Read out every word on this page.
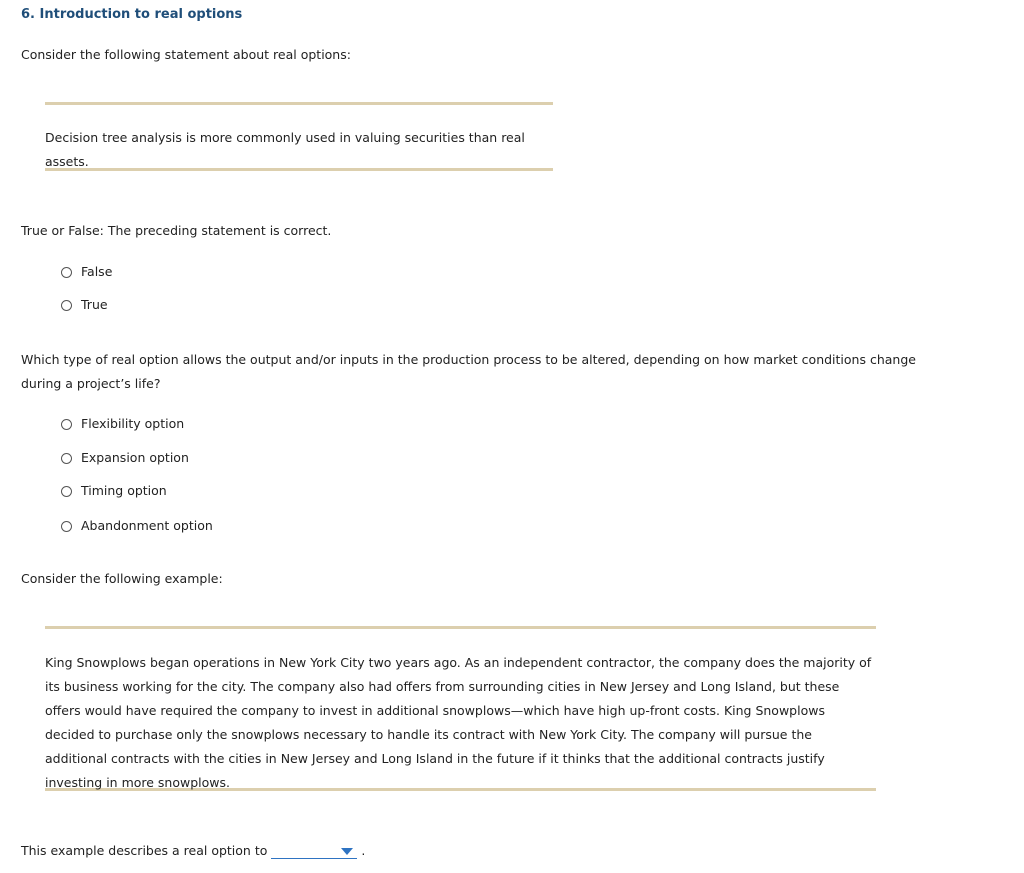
6. Introduction to real options
Consider the following statement about real options:
Decision tree analysis is more commonly used in valuing securities than real assets.
True or False: The preceding statement is correct.
False
True
Which type of real option allows the output and/or inputs in the production process to be altered, depending on how market conditions change during a project’s life?
Flexibility option
Expansion option
Timing option
Abandonment option
Consider the following example:
King Snowplows began operations in New York City two years ago. As an independent contractor, the company does the majority of its business working for the city. The company also had offers from surrounding cities in New Jersey and Long Island, but these offers would have required the company to invest in additional snowplows—which have high up-front costs. King Snowplows decided to purchase only the snowplows necessary to handle its contract with New York City. The company will pursue the additional contracts with the cities in New Jersey and Long Island in the future if it thinks that the additional contracts justify investing in more snowplows.
This example describes a real option to	.
